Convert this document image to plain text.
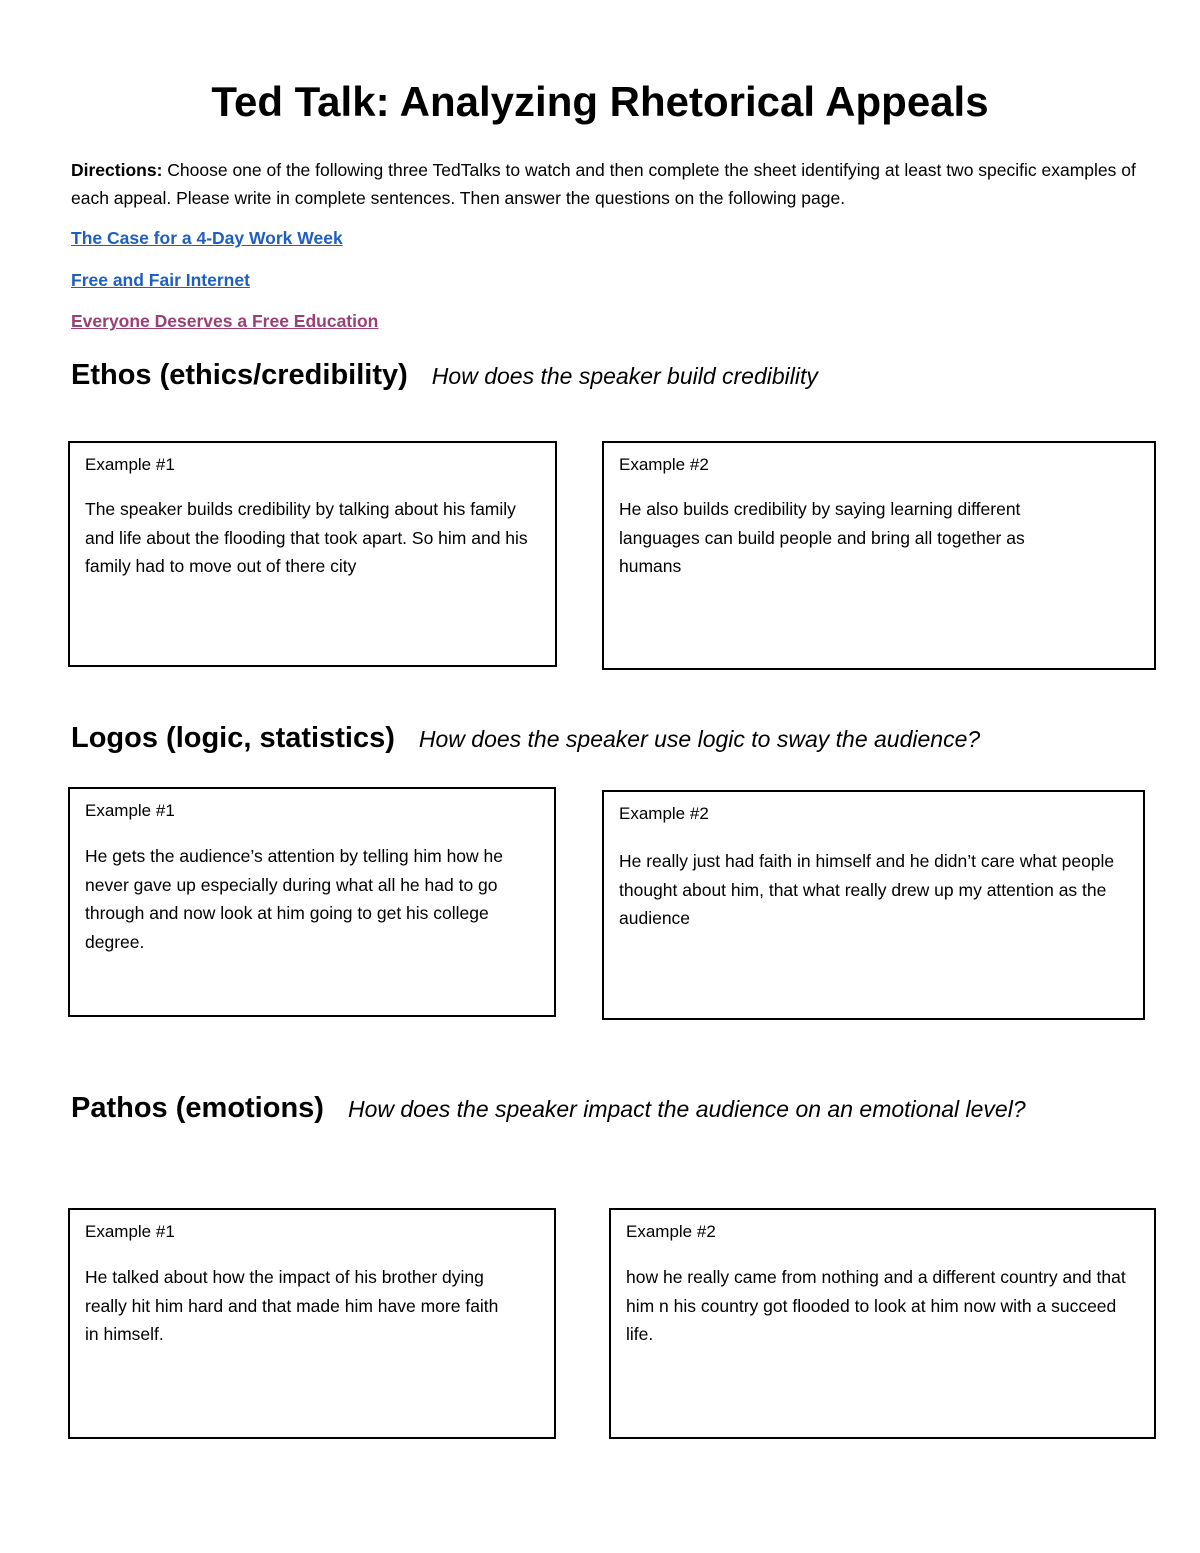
Ted Talk: Analyzing Rhetorical Appeals
Directions: Choose one of the following three TedTalks to watch and then complete the sheet identifying at least two specific examples of each appeal. Please write in complete sentences. Then answer the questions on the following page.
The Case for a 4-Day Work Week
Free and Fair Internet
Everyone Deserves a Free Education
Ethos (ethics/credibility) How does the speaker build credibility
Example #1
The speaker builds credibility by talking about his family and life about the flooding that took apart. So him and his family had to move out of there city
Example #2
He also builds credibility by saying learning different languages can build people and bring all together as humans
Logos (logic, statistics) How does the speaker use logic to sway the audience?
Example #1
He gets the audience’s attention by telling him how he never gave up especially during what all he had to go through and now look at him going to get his college degree.
Example #2
He really just had faith in himself and he didn’t care what people thought about him, that what really drew up my attention as the audience
Pathos (emotions) How does the speaker impact the audience on an emotional level?
Example #1
He talked about how the impact of his brother dying really hit him hard and that made him have more faith in himself.
Example #2
how he really came from nothing and a different country and that him n his country got flooded to look at him now with a succeed life.
